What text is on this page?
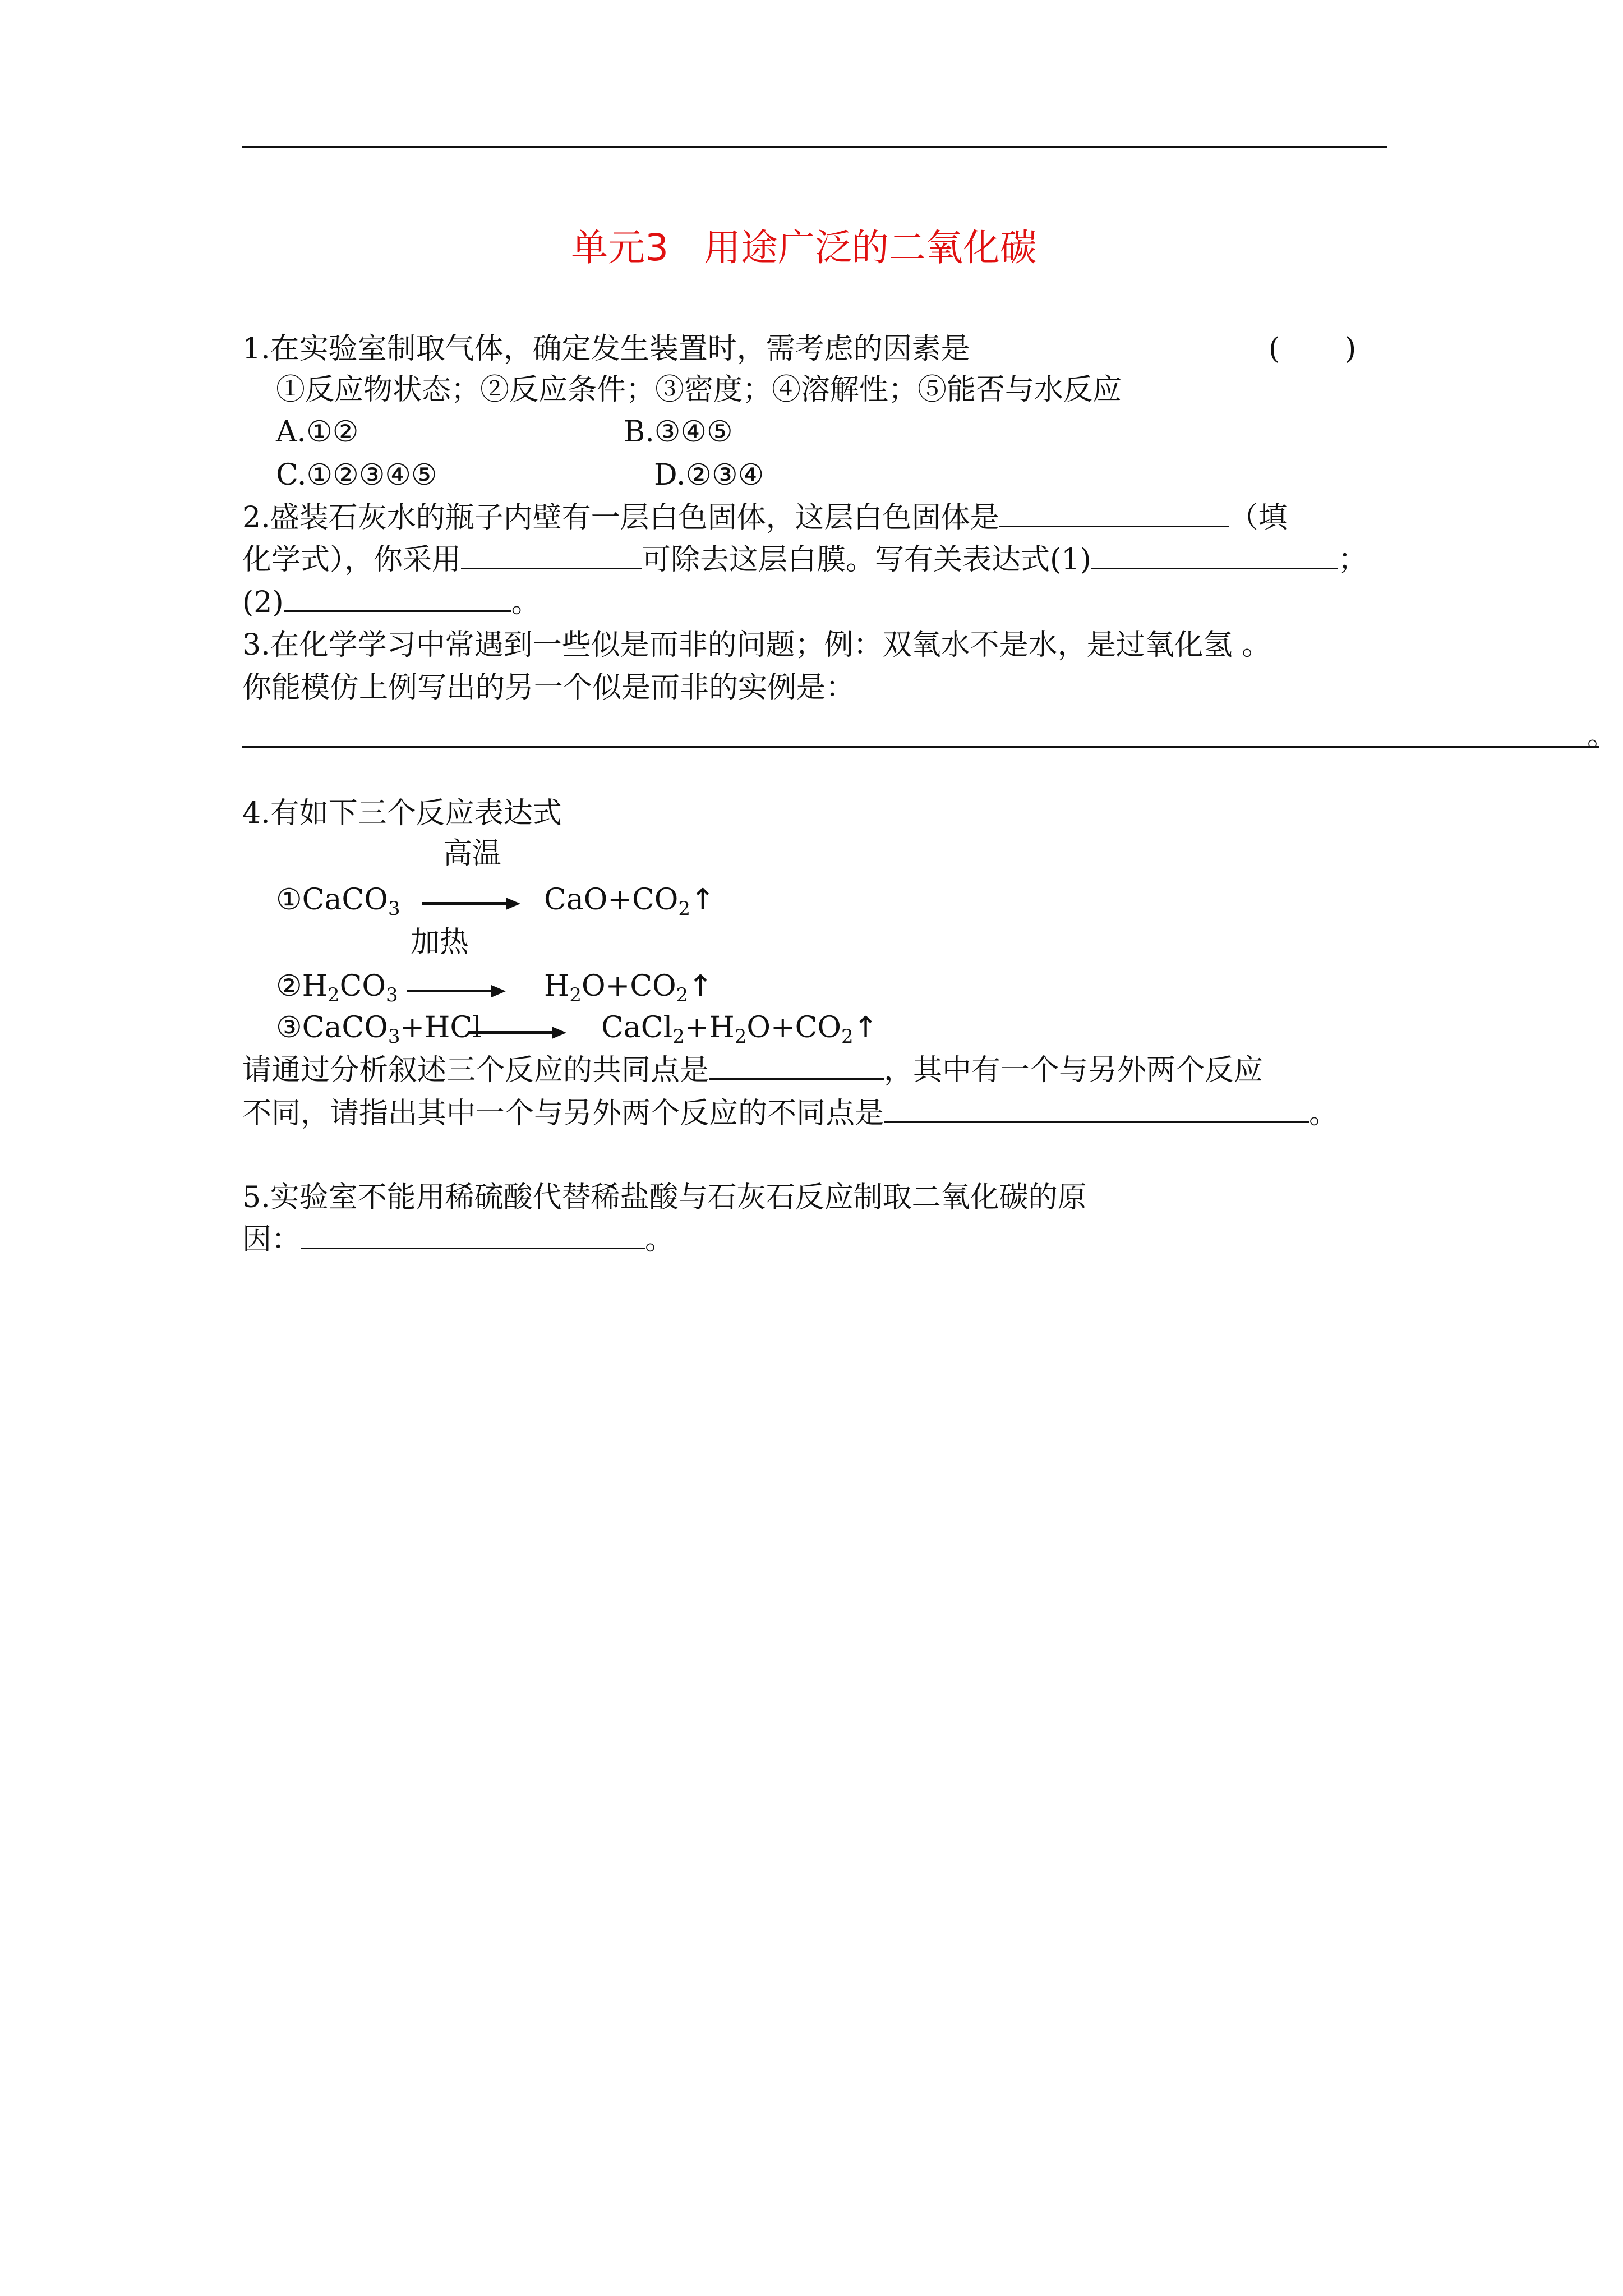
单元3   用途广泛的二氧化碳
1.在实验室制取气体，确定发生装置时，需考虑的因素是	(       )
①反应物状态；②反应条件；③密度；④溶解性；⑤能否与水反应
A.①②	B.③④⑤
C.①②③④⑤	D.②③④
2.盛装石灰水的瓶子内壁有一层白色固体，这层白色固体是	（填
化学式），你采用	可除去这层白膜。写有关表达式(1)	；
(2)	。
3.在化学学习中常遇到一些似是而非的问题；例：双氧水不是水，是过氧化氢 。
你能模仿上例写出的另一个似是而非的实例是：
。
4.有如下三个反应表达式
高温
①CaCO$_3$	$CaO+CO_2↑$
加热
$②H_2CO_3$	$H_2O+CO_2↑$
③CaCO$_3$+HCl	$CaCl_2+H_2O+CO_2↑$
请通过分析叙述三个反应的共同点是	，其中有一个与另外两个反应
不同，请指出其中一个与另外两个反应的不同点是	。
5.实验室不能用稀硫酸代替稀盐酸与石灰石反应制取二氧化碳的原
因：	。
